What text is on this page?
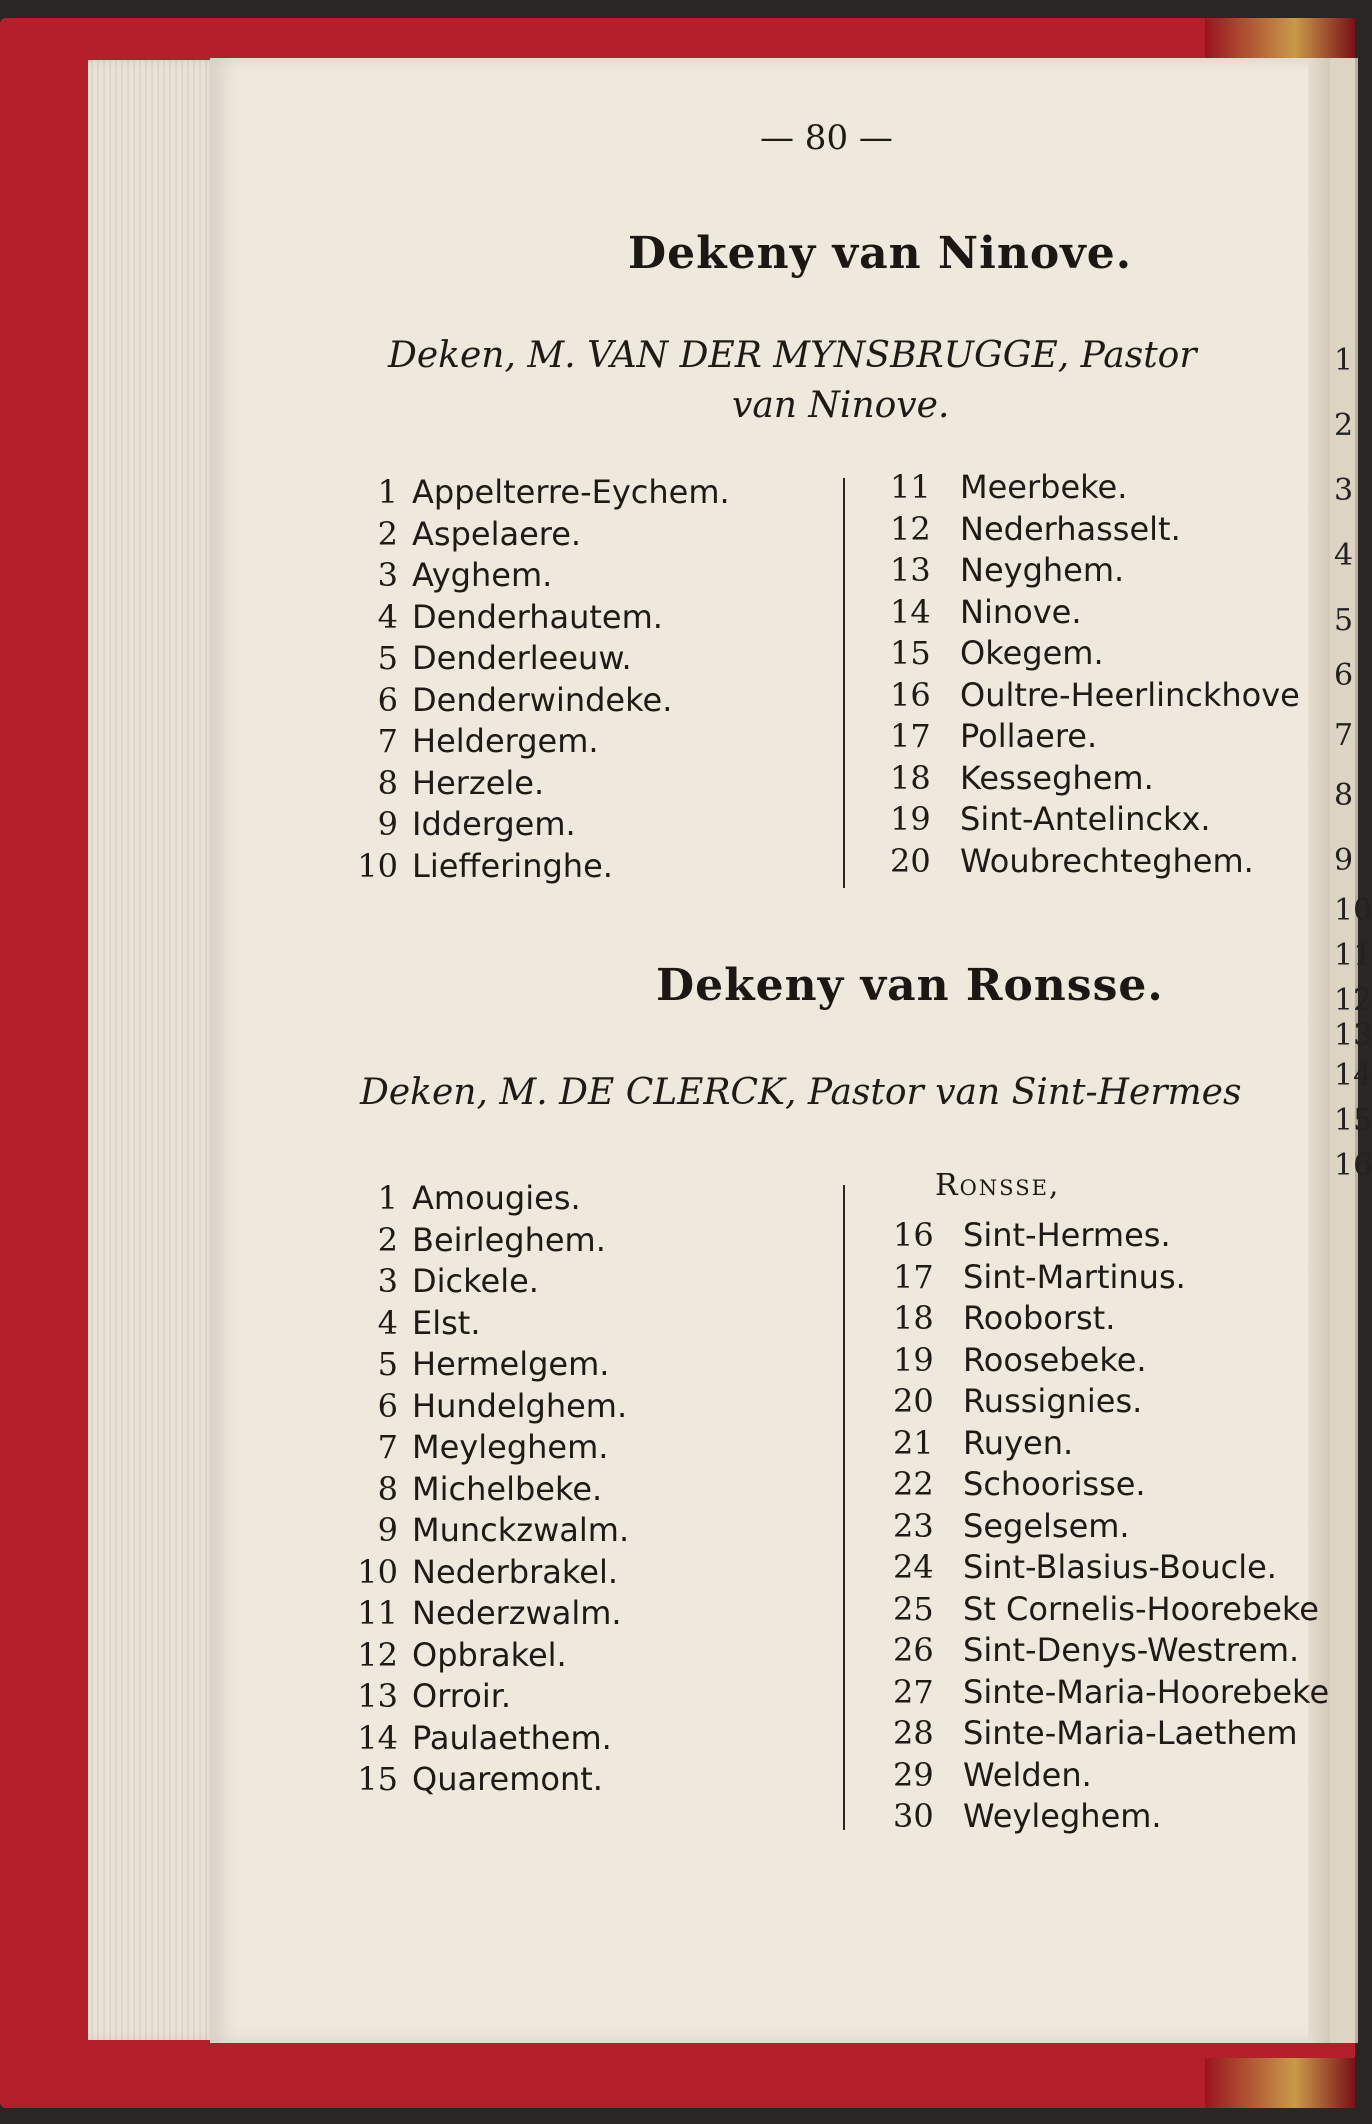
1
2
3
4
5
6
7
8
9
10
11
12
13
14
15
16
— 80 —
Dekeny van Ninove.
Deken, M. VAN DER MYNSBRUGGE, Pastor
van Ninove.
1 Appelterre-Eychem.
2 Aspelaere.
3 Ayghem.
4 Denderhautem.
5 Denderleeuw.
6 Denderwindeke.
7 Heldergem.
8 Herzele.
9 Iddergem.
10 Liefferinghe.
11 Meerbeke.
12 Nederhasselt.
13 Neyghem.
14 Ninove.
15 Okegem.
16 Oultre-Heerlinckhove
17 Pollaere.
18 Kesseghem.
19 Sint-Antelinckx.
20 Woubrechteghem.
Dekeny van Ronsse.
Deken, M. DE CLERCK, Pastor van Sint-Hermes
1 Amougies.
2 Beirleghem.
3 Dickele.
4 Elst.
5 Hermelgem.
6 Hundelghem.
7 Meyleghem.
8 Michelbeke.
9 Munckzwalm.
10 Nederbrakel.
11 Nederzwalm.
12 Opbrakel.
13 Orroir.
14 Paulaethem.
15 Quaremont.
Ronsse,
16 Sint-Hermes.
17 Sint-Martinus.
18 Rooborst.
19 Roosebeke.
20 Russignies.
21 Ruyen.
22 Schoorisse.
23 Segelsem.
24 Sint-Blasius-Boucle.
25 St Cornelis-Hoorebeke
26 Sint-Denys-Westrem.
27 Sinte-Maria-Hoorebeke
28 Sinte-Maria-Laethem
29 Welden.
30 Weyleghem.
